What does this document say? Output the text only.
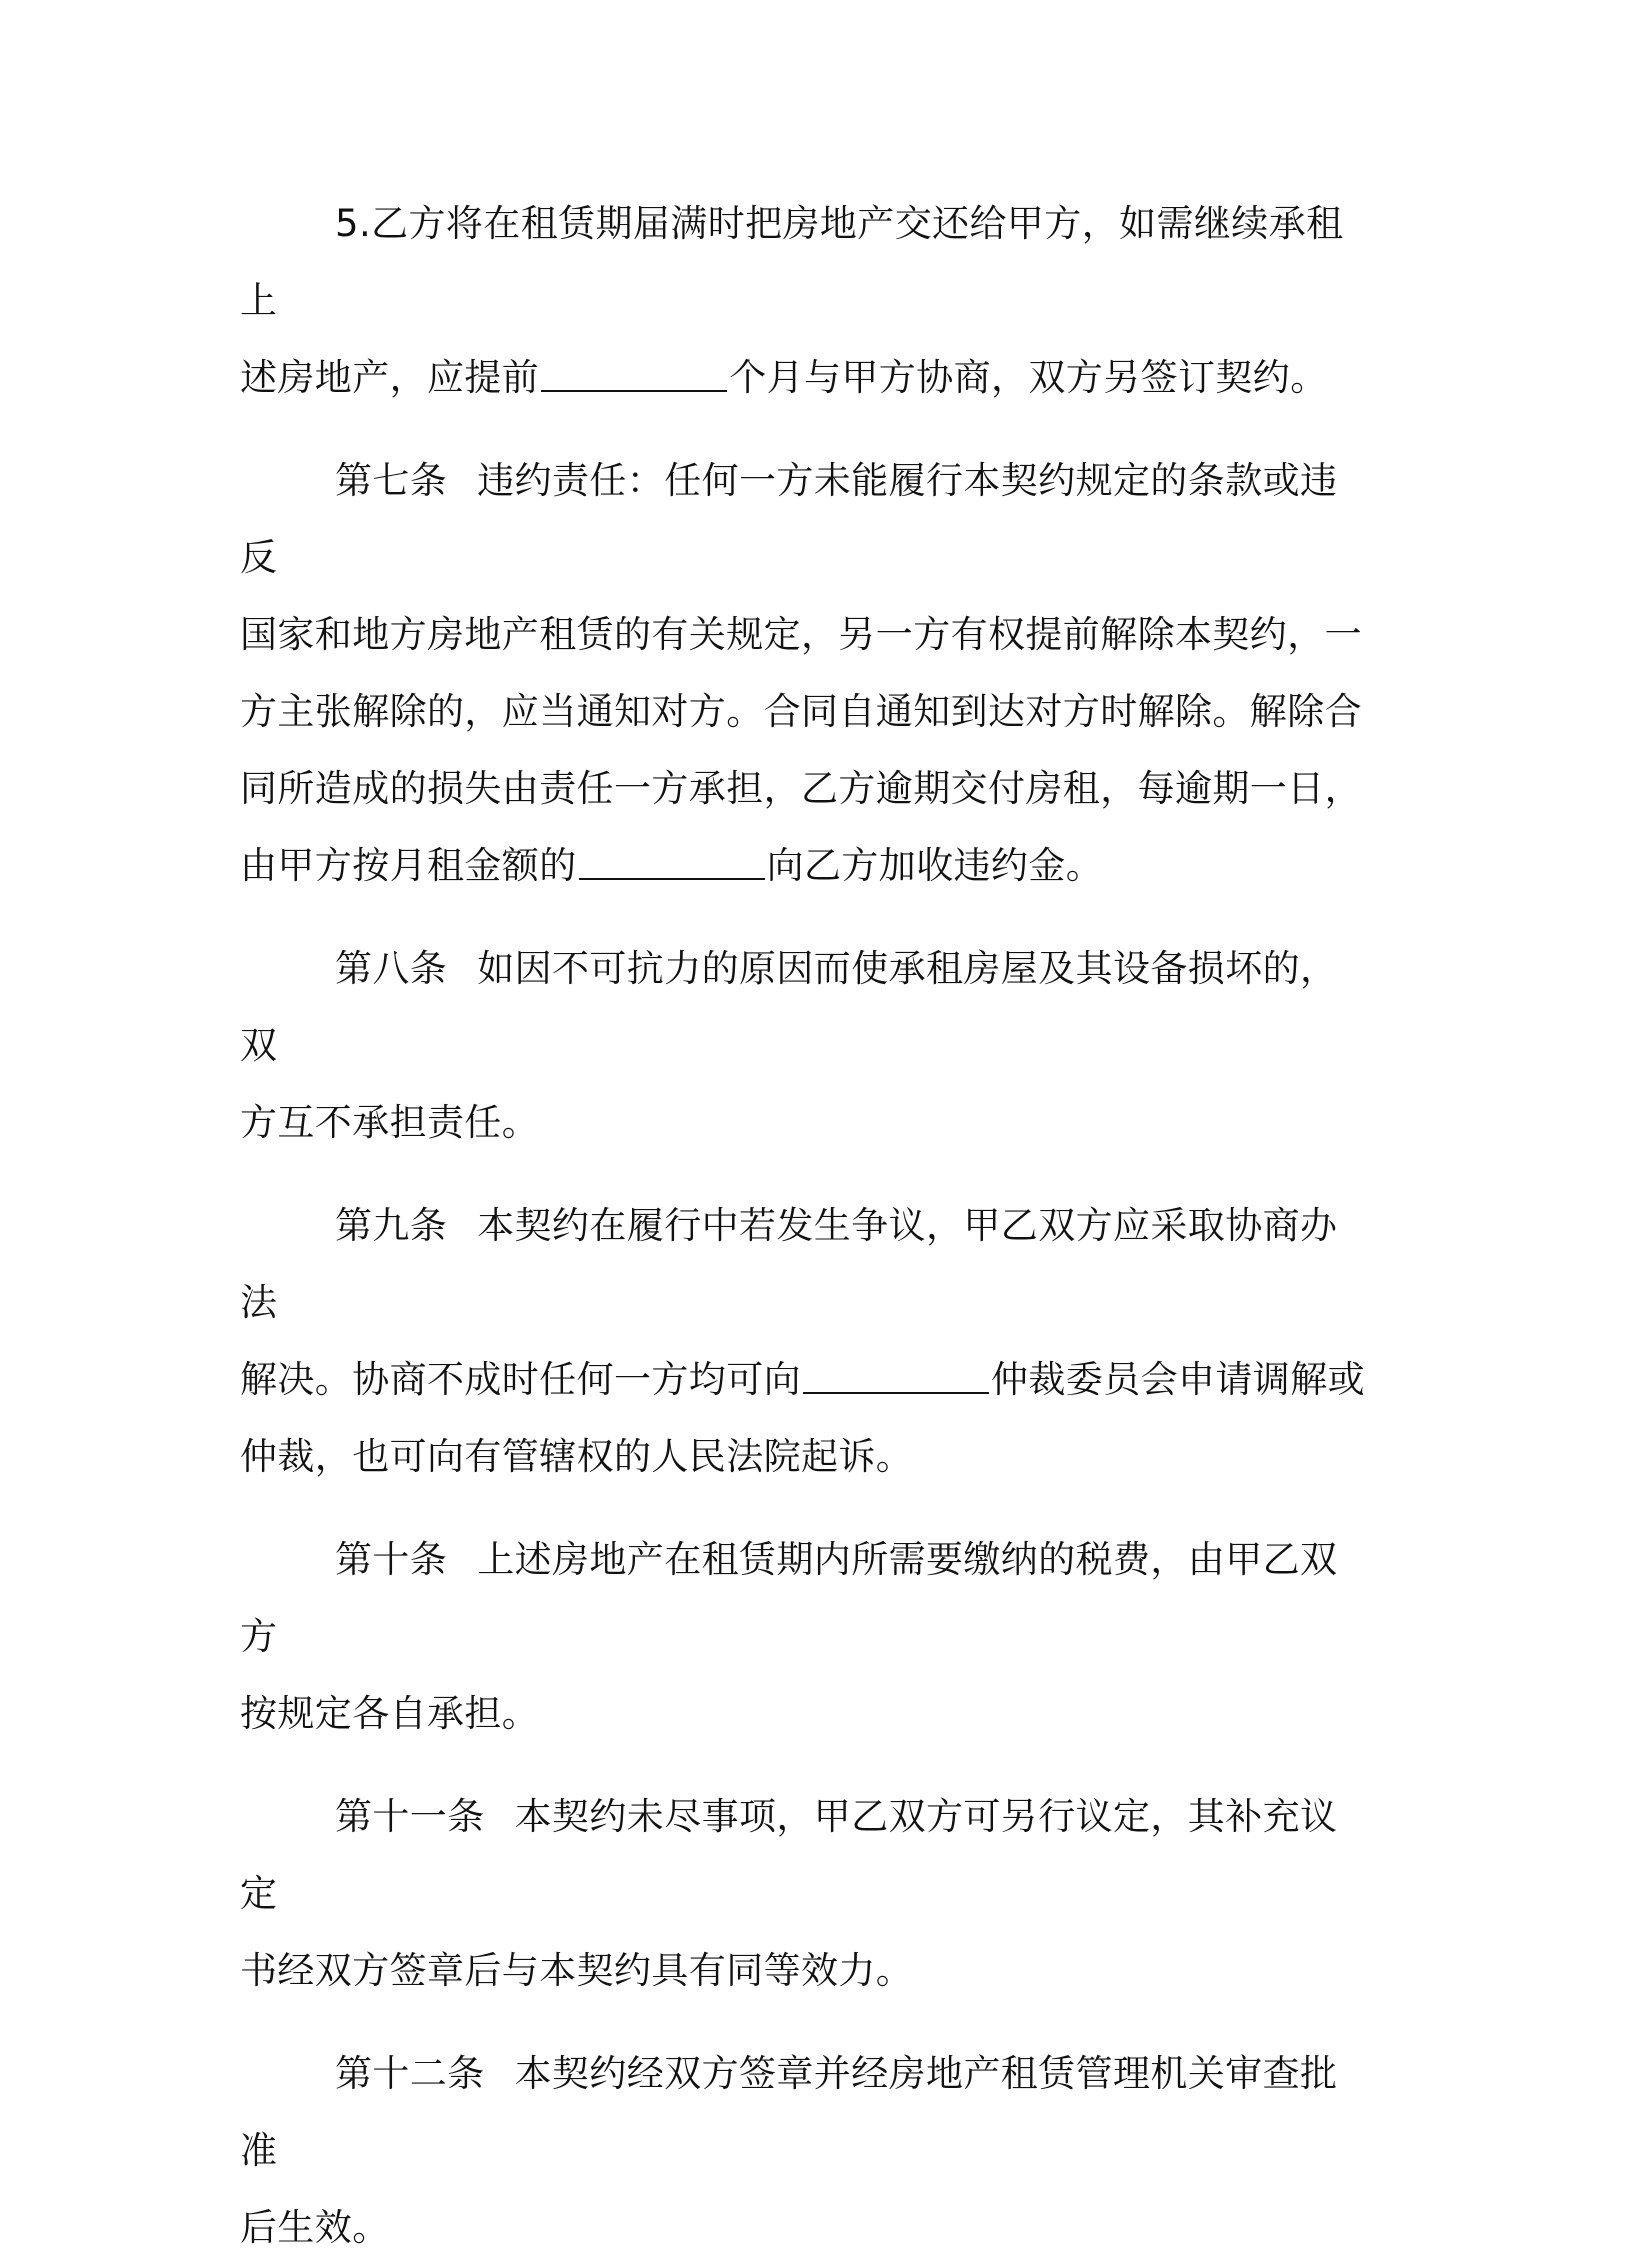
5.乙方将在租赁期届满时把房地产交还给甲方，如需继续承租上
述房地产，应提前	个月与甲方协商，双方另签订契约。
第七条 违约责任：任何一方未能履行本契约规定的条款或违反
国家和地方房地产租赁的有关规定，另一方有权提前解除本契约，一
方主张解除的，应当通知对方。合同自通知到达对方时解除。解除合
同所造成的损失由责任一方承担，乙方逾期交付房租，每逾期一日，
由甲方按月租金额的	向乙方加收违约金。
第八条 如因不可抗力的原因而使承租房屋及其设备损坏的，双
方互不承担责任。
第九条 本契约在履行中若发生争议，甲乙双方应采取协商办法
解决。协商不成时任何一方均可向	仲裁委员会申请调解或
仲裁，也可向有管辖权的人民法院起诉。
第十条 上述房地产在租赁期内所需要缴纳的税费，由甲乙双方
按规定各自承担。
第十一条 本契约未尽事项，甲乙双方可另行议定，其补充议定
书经双方签章后与本契约具有同等效力。
第十二条 本契约经双方签章并经房地产租赁管理机关审查批准
后生效。
